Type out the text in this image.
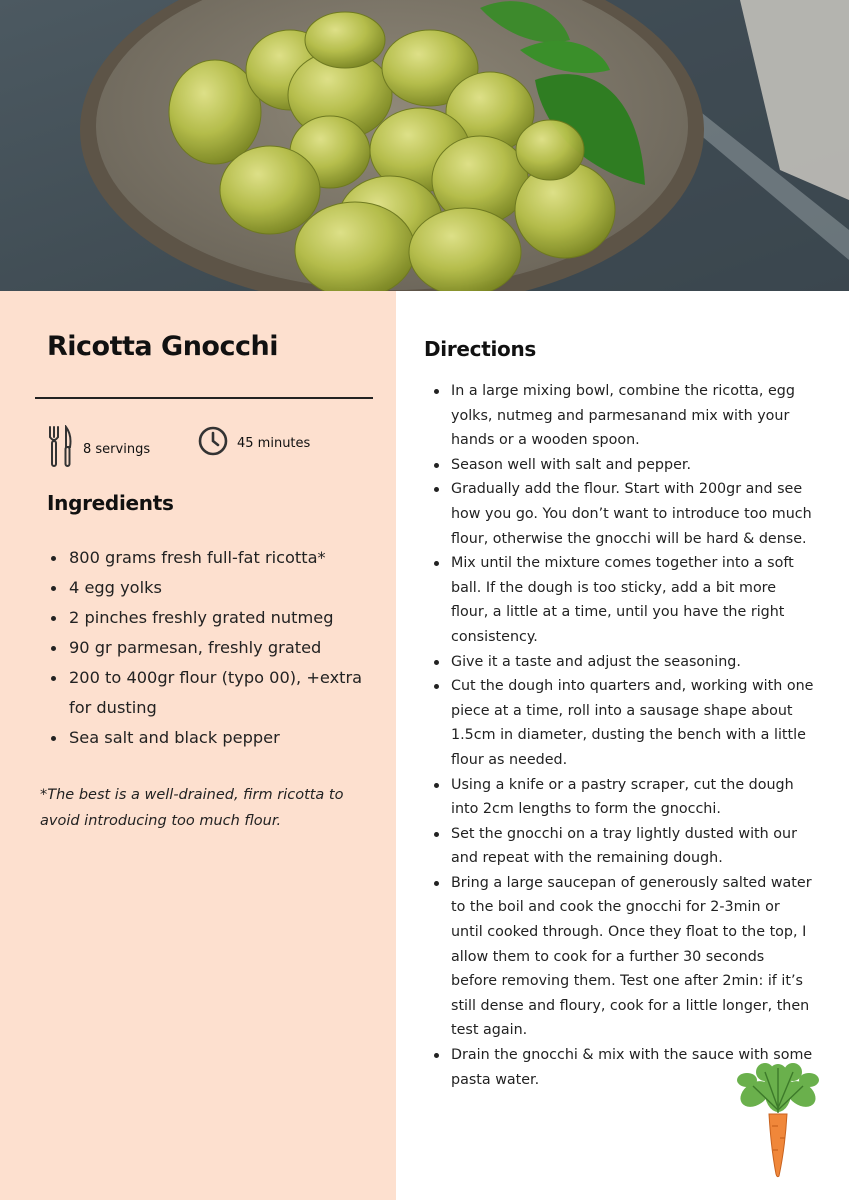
Ricotta Gnocchi
8 servings	45 minutes
Ingredients
800 grams fresh full-fat ricotta*
4 egg yolks
2 pinches freshly grated nutmeg
90 gr parmesan, freshly grated
200 to 400gr flour (typo 00), +extra for dusting
Sea salt and black pepper

*The best is a well-drained, firm ricotta to avoid introducing too much flour.

Directions
In a large mixing bowl, combine the ricotta, egg yolks, nutmeg and parmesanand mix with your hands or a wooden spoon.
Season well with salt and pepper.
Gradually add the flour. Start with 200gr and see how you go. You don’t want to introduce too much flour, otherwise the gnocchi will be hard & dense.
Mix until the mixture comes together into a soft ball. If the dough is too sticky, add a bit more flour, a little at a time, until you have the right consistency.
Give it a taste and adjust the seasoning.
Cut the dough into quarters and, working with one piece at a time, roll into a sausage shape about 1.5cm in diameter, dusting the bench with a little flour as needed.
Using a knife or a pastry scraper, cut the dough into 2cm lengths to form the gnocchi.
Set the gnocchi on a tray lightly dusted with our and repeat with the remaining dough.
Bring a large saucepan of generously salted water to the boil and cook the gnocchi for 2-3min or until cooked through. Once they float to the top, I allow them to cook for a further 30 seconds before removing them. Test one after 2min: if it’s still dense and floury, cook for a little longer, then test again.
Drain the gnocchi & mix with the sauce with some pasta water.
